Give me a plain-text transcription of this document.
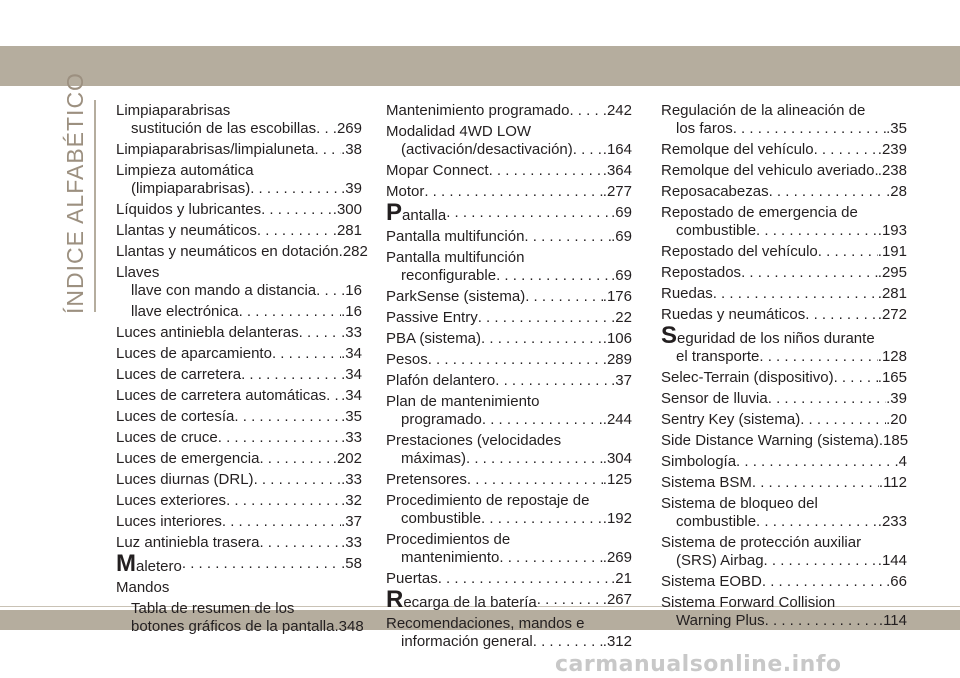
ÍNDICE ALFABÉTICO Limpiaparabrisas
sustitución de las escobillas . . . .269
Limpiaparabrisas/limpialuneta . . . .38
Limpieza automática
(limpiaparabrisas) . . .	.39
Líquidos y lubricantes . . .	.300
Llantas y neumáticos . . .	.281
Llantas y neumáticos en dotación .282
Llaves
llave con mando a distancia . . . .16
llave electrónica . . .	.16
Luces antiniebla delanteras . . .	.33
Luces de aparcamiento . . .	.34
Luces de carretera . . .	.34
Luces de carretera automáticas . . . .34
Luces de cortesía . . .	.35
Luces de cruce . . .	.33
Luces de emergencia . . .	.202
Luces diurnas (DRL) . . .	.33
Luces exteriores . . .	.32
Luces interiores . . .	.37
Luz antiniebla trasera . . .	.33
Maletero . . .	.58
Mandos
Tabla de resumen de los
botones gráficos de la pantalla .348
Mantenimiento programado . . . .242
Modalidad 4WD LOW
(activación/desactivación) . . . .164
Mopar Connect . . .	.364
Motor . . .	.277
Pantalla . . .	.69
Pantalla multifunción . . .	.69
Pantalla multifunción
reconfigurable . . .	.69
ParkSense (sistema) . . .	.176
Passive Entry . . .	.22
PBA (sistema) . . .	.106
Pesos . . .	.289
Plafón delantero . . .	.37
Plan de mantenimiento
programado . . .	.244
Prestaciones (velocidades
máximas) . . .	.304
Pretensores . . .	.125
Procedimiento de repostaje de
combustible . . .	.192
Procedimientos de
mantenimiento . . .	.269
Puertas . . .	.21
Recarga de la batería . . .	.267
Recomendaciones, mandos e
información general . . .	.312
Regulación de la alineación de
los faros . . .	.35
Remolque del vehículo . . .	.239
Remolque del vehiculo averiado . . . .238
Reposacabezas . . .	.28
Repostado de emergencia de
combustible . . .	.193
Repostado del vehículo . . .	.191
Repostados . . .	.295
Ruedas . . .	.281
Ruedas y neumáticos . . .	.272
Seguridad de los niños durante
el transporte . . .	.128
Selec-Terrain (dispositivo) . . .	.165
Sensor de lluvia . . .	.39
Sentry Key (sistema) . . .	.20
Side Distance Warning (sistema) .185
Simbología . . .	.4
Sistema BSM . . .	.112
Sistema de bloqueo del
combustible . . .	.233
Sistema de protección auxiliar
(SRS) Airbag . . .	.144
Sistema EOBD . . .	.66
Sistema Forward Collision
Warning Plus . . .	.114
carmanualsonline.info
